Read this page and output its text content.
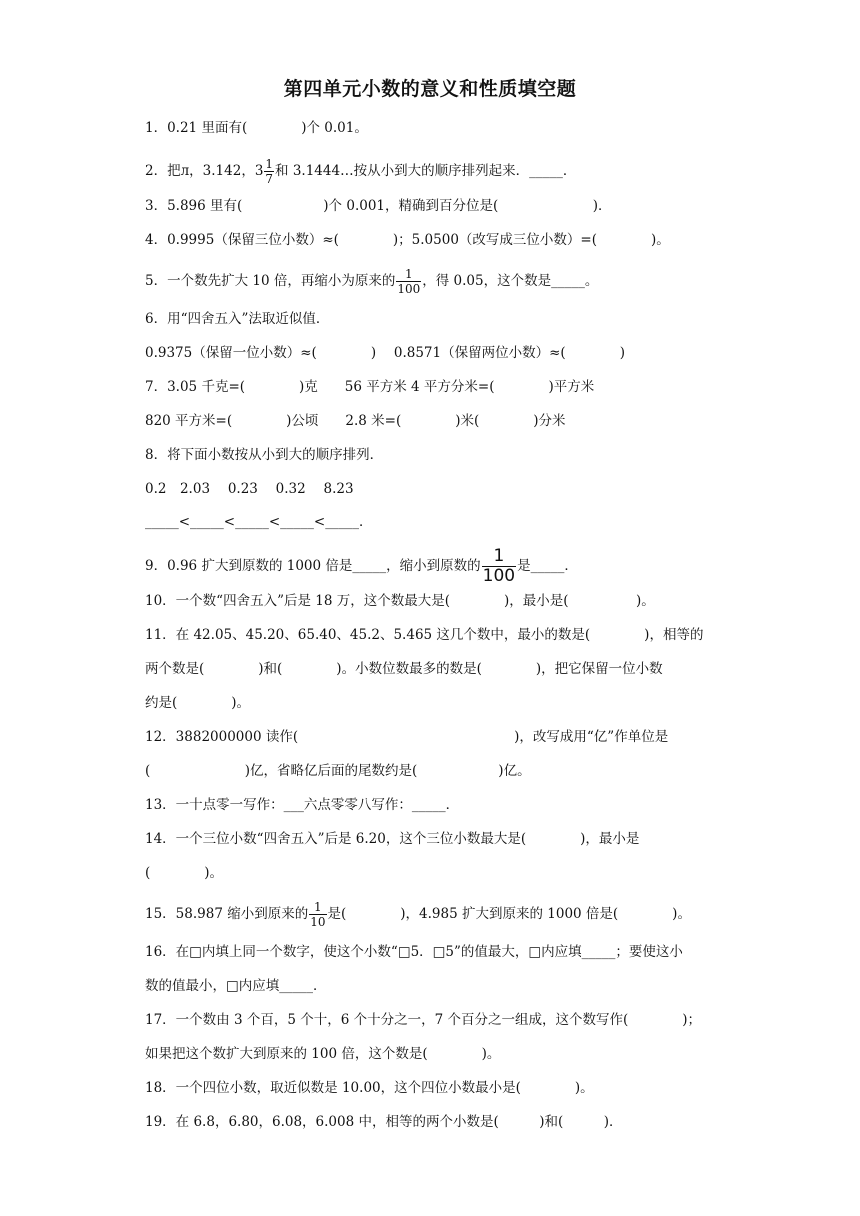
第四单元小数的意义和性质填空题
1．0.21 里面有(　　　　)个 0.01。
2．把л，3.142，$3 \frac{1}{7}$ 和 3.1444…按从小到大的顺序排列起来．_____．
3．5.896 里有(　　　　　　)个 0.001，精确到百分位是(　　　　　　　)．
4．0.9995（保留三位小数）≈(　　　　)；5.0500（改写成三位小数）=(　　　　)。
5．一个数先扩大 10 倍，再缩小为原来的 $\frac{1}{100}$ ，得 0.05，这个数是_____。
6．用“四舍五入”法取近似值．
0.9375（保留一位小数）≈(　　　　)　 0.8571（保留两位小数）≈(　　　　)
7．3.05 千克=(　　　　)克　　56 平方米 4 平方分米=(　　　　)平方米
820 平方米=(　　　　)公顷　　2.8 米=(　　　　)米(　　　　)分米
8．将下面小数按从小到大的顺序排列．
0.2　2.03　 0.23　 0.32　 8.23
_____<_____<_____<_____<_____．
9．0.96 扩大到原数的 1000 倍是_____，缩小到原数的 $\frac{1}{100}$ 是_____．
10．一个数“四舍五入”后是 18 万，这个数最大是(　　　　)，最小是(　　　　　)。
11．在 42.05、45.20、65.40、45.2、5.465 这几个数中，最小的数是(　　　　)，相等的
两个数是(　　　　)和(　　　　)。小数位数最多的数是(　　　　)，把它保留一位小数
约是(　　　　)。
12．3882000000 读作(　　　　　　　　　　　　　　　　)，改写成用“亿”作单位是
(　　　　　　　)亿，省略亿后面的尾数约是(　　　　　　)亿。
13．一十点零一写作：___六点零零八写作：_____．
14．一个三位小数“四舍五入”后是 6.20，这个三位小数最大是(　　　　)，最小是
(　　　　)。
15．58.987 缩小到原来的 $\frac{1}{10}$ 是(　　　　)，4.985 扩大到原来的 1000 倍是(　　　　)。
16．在□内填上同一个数字，使这个小数“□5．□5”的值最大，□内应填_____；要使这小
数的值最小，□内应填_____．
17．一个数由 3 个百，5 个十，6 个十分之一，7 个百分之一组成，这个数写作(　　　　)；
如果把这个数扩大到原来的 100 倍，这个数是(　　　　)。
18．一个四位小数，取近似数是 10.00，这个四位小数最小是(　　　　)。
19．在 6.8，6.80，6.08，6.008 中，相等的两个小数是(　　　)和(　　　)．
